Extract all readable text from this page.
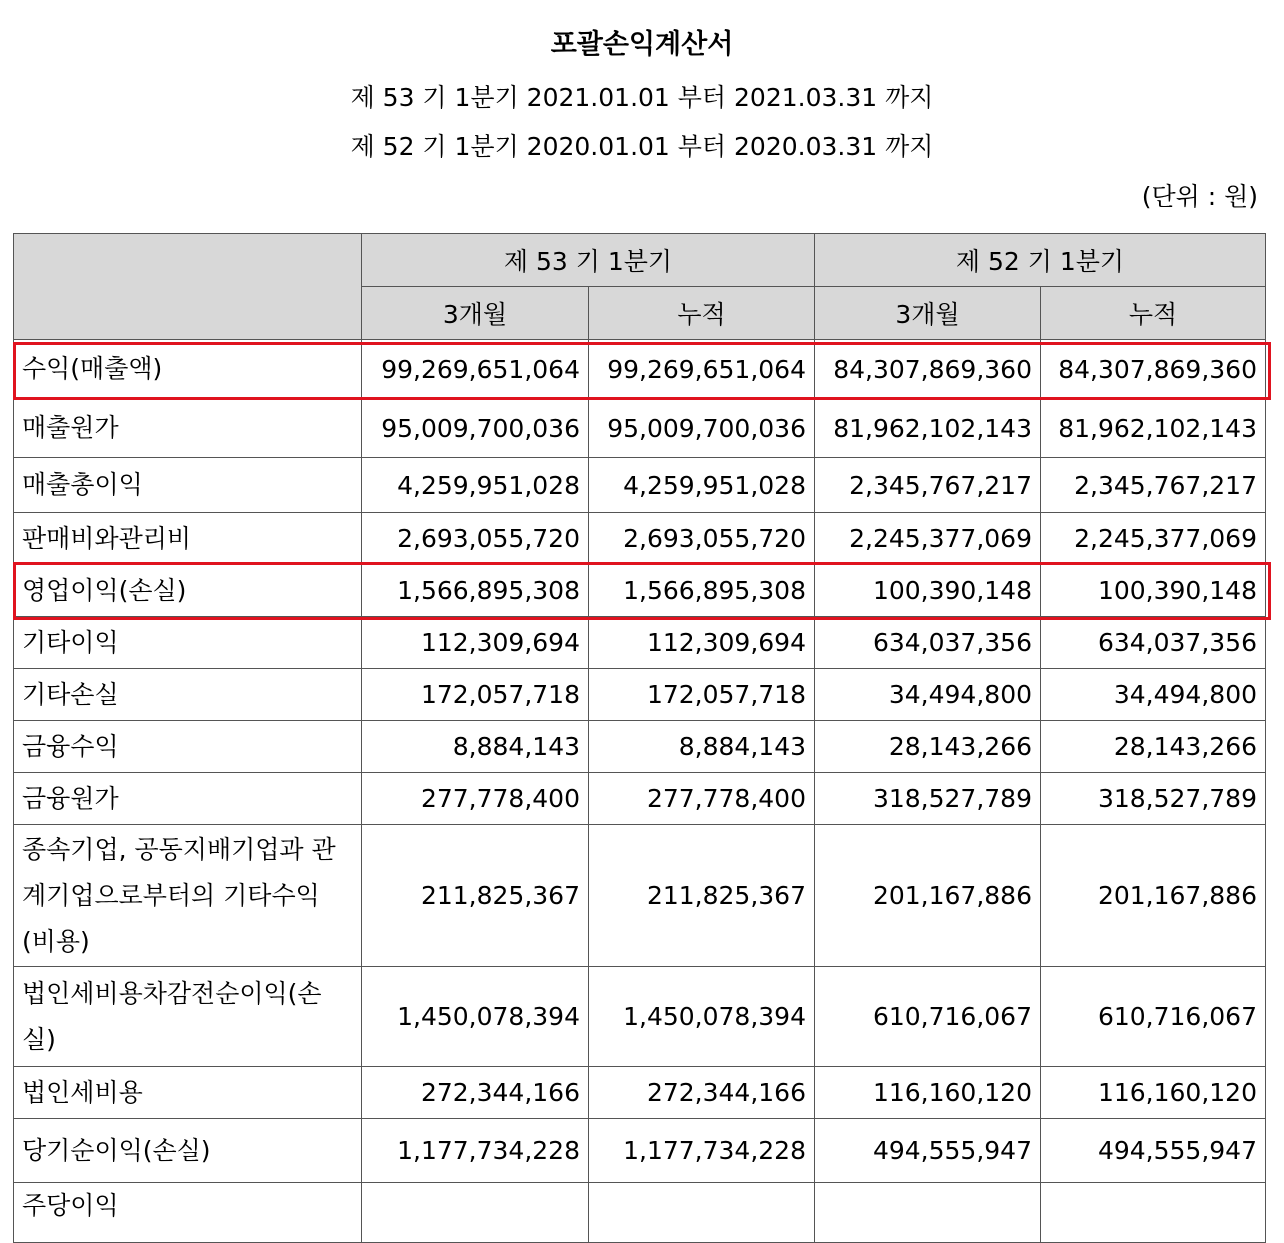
포괄손익계산서
제 53 기 1분기 2021.01.01 부터 2021.03.31 까지
제 52 기 1분기 2020.01.01 부터 2020.03.31 까지
(단위 : 원)
	제 53 기 1분기		제 52 기 1분기	
	3개월	누적	3개월	누적
수익(매출액)	99,269,651,064	99,269,651,064	84,307,869,360	84,307,869,360
매출원가	95,009,700,036	95,009,700,036	81,962,102,143	81,962,102,143
매출총이익	4,259,951,028	4,259,951,028	2,345,767,217	2,345,767,217
판매비와관리비	2,693,055,720	2,693,055,720	2,245,377,069	2,245,377,069
영업이익(손실)	1,566,895,308	1,566,895,308	100,390,148	100,390,148
기타이익	112,309,694	112,309,694	634,037,356	634,037,356
기타손실	172,057,718	172,057,718	34,494,800	34,494,800
금융수익	8,884,143	8,884,143	28,143,266	28,143,266
금융원가	277,778,400	277,778,400	318,527,789	318,527,789
종속기업, 공동지배기업과 관계기업으로부터의 기타수익(비용)	211,825,367	211,825,367	201,167,886	201,167,886
법인세비용차감전순이익(손실)	1,450,078,394	1,450,078,394	610,716,067	610,716,067
법인세비용	272,344,166	272,344,166	116,160,120	116,160,120
당기순이익(손실)	1,177,734,228	1,177,734,228	494,555,947	494,555,947
주당이익				
